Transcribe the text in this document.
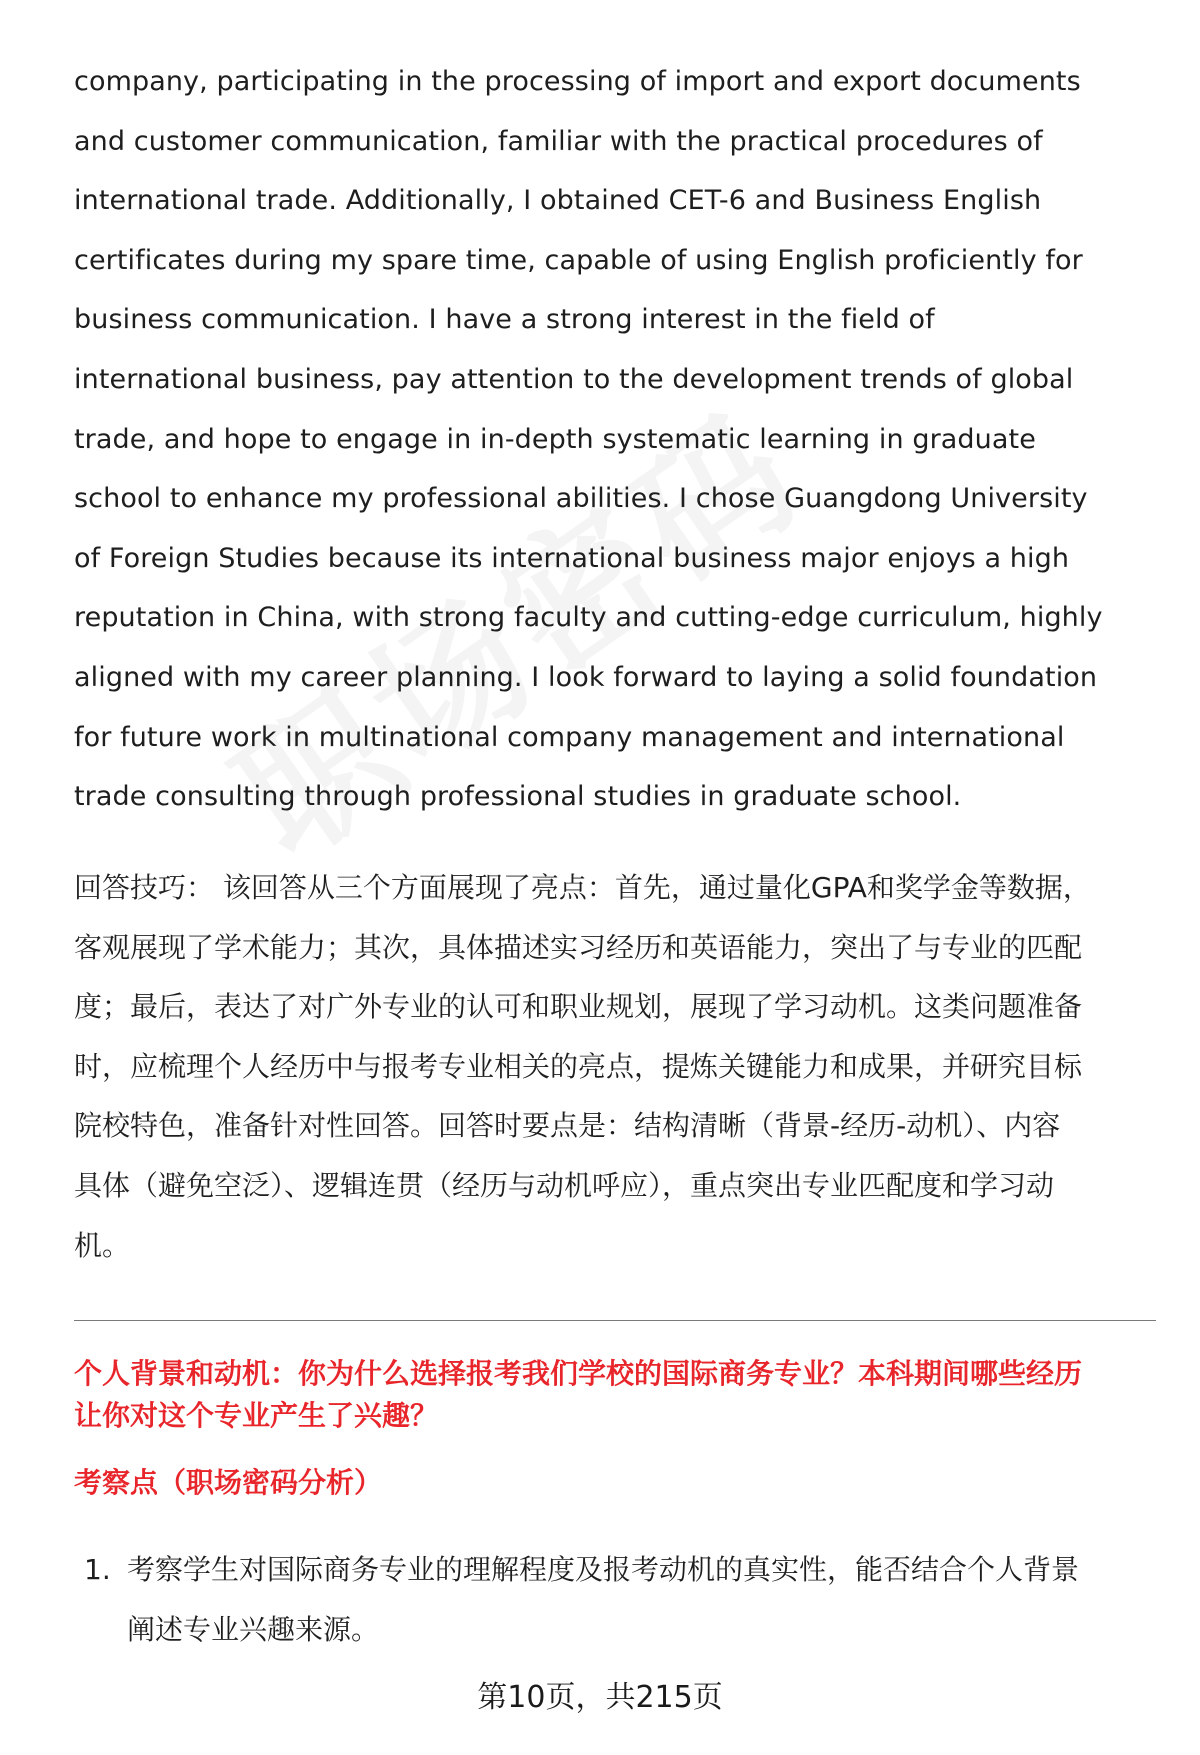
company, participating in the processing of import and export documents
and customer communication, familiar with the practical procedures of
international trade. Additionally, I obtained CET-6 and Business English
certificates during my spare time, capable of using English proficiently for
business communication. I have a strong interest in the field of
international business, pay attention to the development trends of global
trade, and hope to engage in in-depth systematic learning in graduate
school to enhance my professional abilities. I chose Guangdong University
of Foreign Studies because its international business major enjoys a high
reputation in China, with strong faculty and cutting-edge curriculum, highly
aligned with my career planning. I look forward to laying a solid foundation
for future work in multinational company management and international
trade consulting through professional studies in graduate school.
回答技巧： 该回答从三个方面展现了亮点：首先，通过量化GPA和奖学金等数据，
客观展现了学术能力；其次，具体描述实习经历和英语能力，突出了与专业的匹配
度；最后，表达了对广外专业的认可和职业规划，展现了学习动机。这类问题准备
时，应梳理个人经历中与报考专业相关的亮点，提炼关键能力和成果，并研究目标
院校特色，准备针对性回答。回答时要点是：结构清晰（背景-经历-动机）、内容
具体（避免空泛）、逻辑连贯（经历与动机呼应），重点突出专业匹配度和学习动
机。
个人背景和动机：你为什么选择报考我们学校的国际商务专业？本科期间哪些经历
让你对这个专业产生了兴趣？
考察点（职场密码分析）
1. 考察学生对国际商务专业的理解程度及报考动机的真实性，能否结合个人背景
阐述专业兴趣来源。
第10页，共215页
